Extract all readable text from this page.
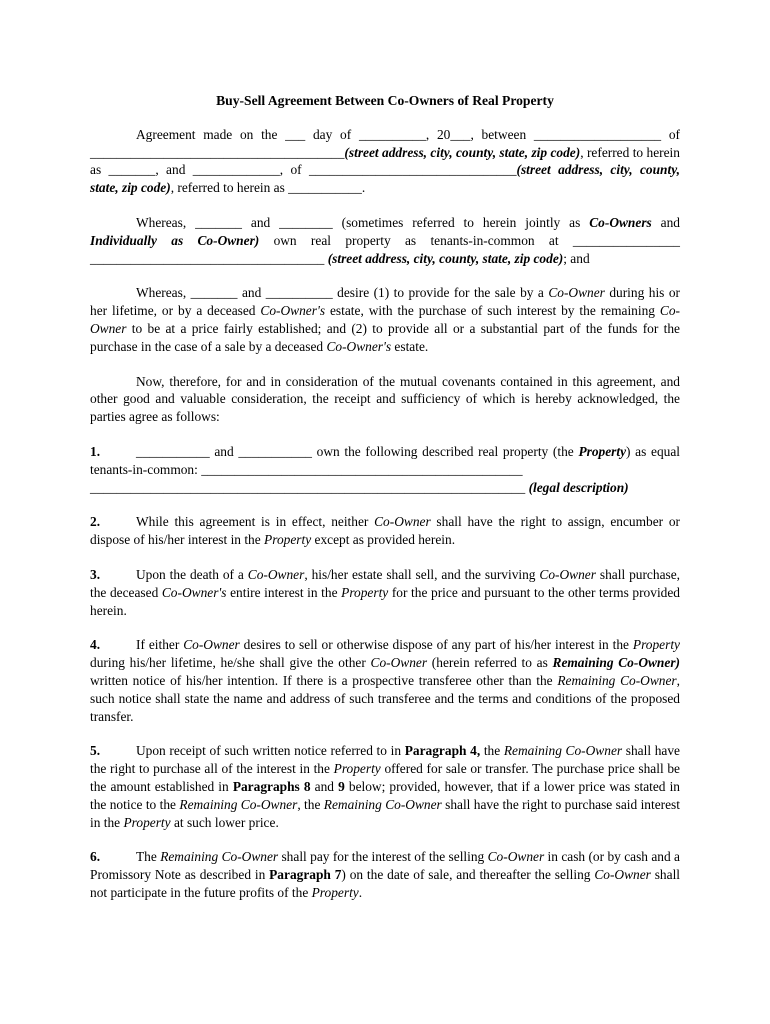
Buy-Sell Agreement Between Co-Owners of Real Property

Agreement made on the ___ day of __________, 20___, between ___________________ of ______________________________________(street address, city, county, state, zip code), referred to herein as _______, and _____________, of _______________________________(street address, city, county, state, zip code), referred to herein as ___________.

Whereas, _______ and ________ (sometimes referred to herein jointly as Co-Owners and Individually as Co-Owner) own real property as tenants-in-common at ________________ ___________________________________ (street address, city, county, state, zip code); and

Whereas, _______ and __________ desire (1) to provide for the sale by a Co-Owner during his or her lifetime, or by a deceased Co-Owner's estate, with the purchase of such interest by the remaining Co-Owner to be at a price fairly established; and (2) to provide all or a substantial part of the funds for the purchase in the case of a sale by a deceased Co-Owner's estate.

Now, therefore, for and in consideration of the mutual covenants contained in this agreement, and other good and valuable consideration, the receipt and sufficiency of which is hereby acknowledged, the parties agree as follows:

1.	___________ and ___________ own the following described real property (the Property) as equal tenants-in-common: ________________________________________________

_________________________________________________________________ (legal description)

2.	While this agreement is in effect, neither Co-Owner shall have the right to assign, encumber or dispose of his/her interest in the Property except as provided herein.

3.	Upon the death of a Co-Owner, his/her estate shall sell, and the surviving Co-Owner shall purchase, the deceased Co-Owner's entire interest in the Property for the price and pursuant to the other terms provided herein.

4.	If either Co-Owner desires to sell or otherwise dispose of any part of his/her interest in the Property during his/her lifetime, he/she shall give the other Co-Owner (herein referred to as Remaining Co-Owner) written notice of his/her intention. If there is a prospective transferee other than the Remaining Co-Owner, such notice shall state the name and address of such transferee and the terms and conditions of the proposed transfer.

5.	Upon receipt of such written notice referred to in Paragraph 4, the Remaining Co-Owner shall have the right to purchase all of the interest in the Property offered for sale or transfer. The purchase price shall be the amount established in Paragraphs 8 and 9 below; provided, however, that if a lower price was stated in the notice to the Remaining Co-Owner, the Remaining Co-Owner shall have the right to purchase said interest in the Property at such lower price.

6.	The Remaining Co-Owner shall pay for the interest of the selling Co-Owner in cash (or by cash and a Promissory Note as described in Paragraph 7) on the date of sale, and thereafter the selling Co-Owner shall not participate in the future profits of the Property.
